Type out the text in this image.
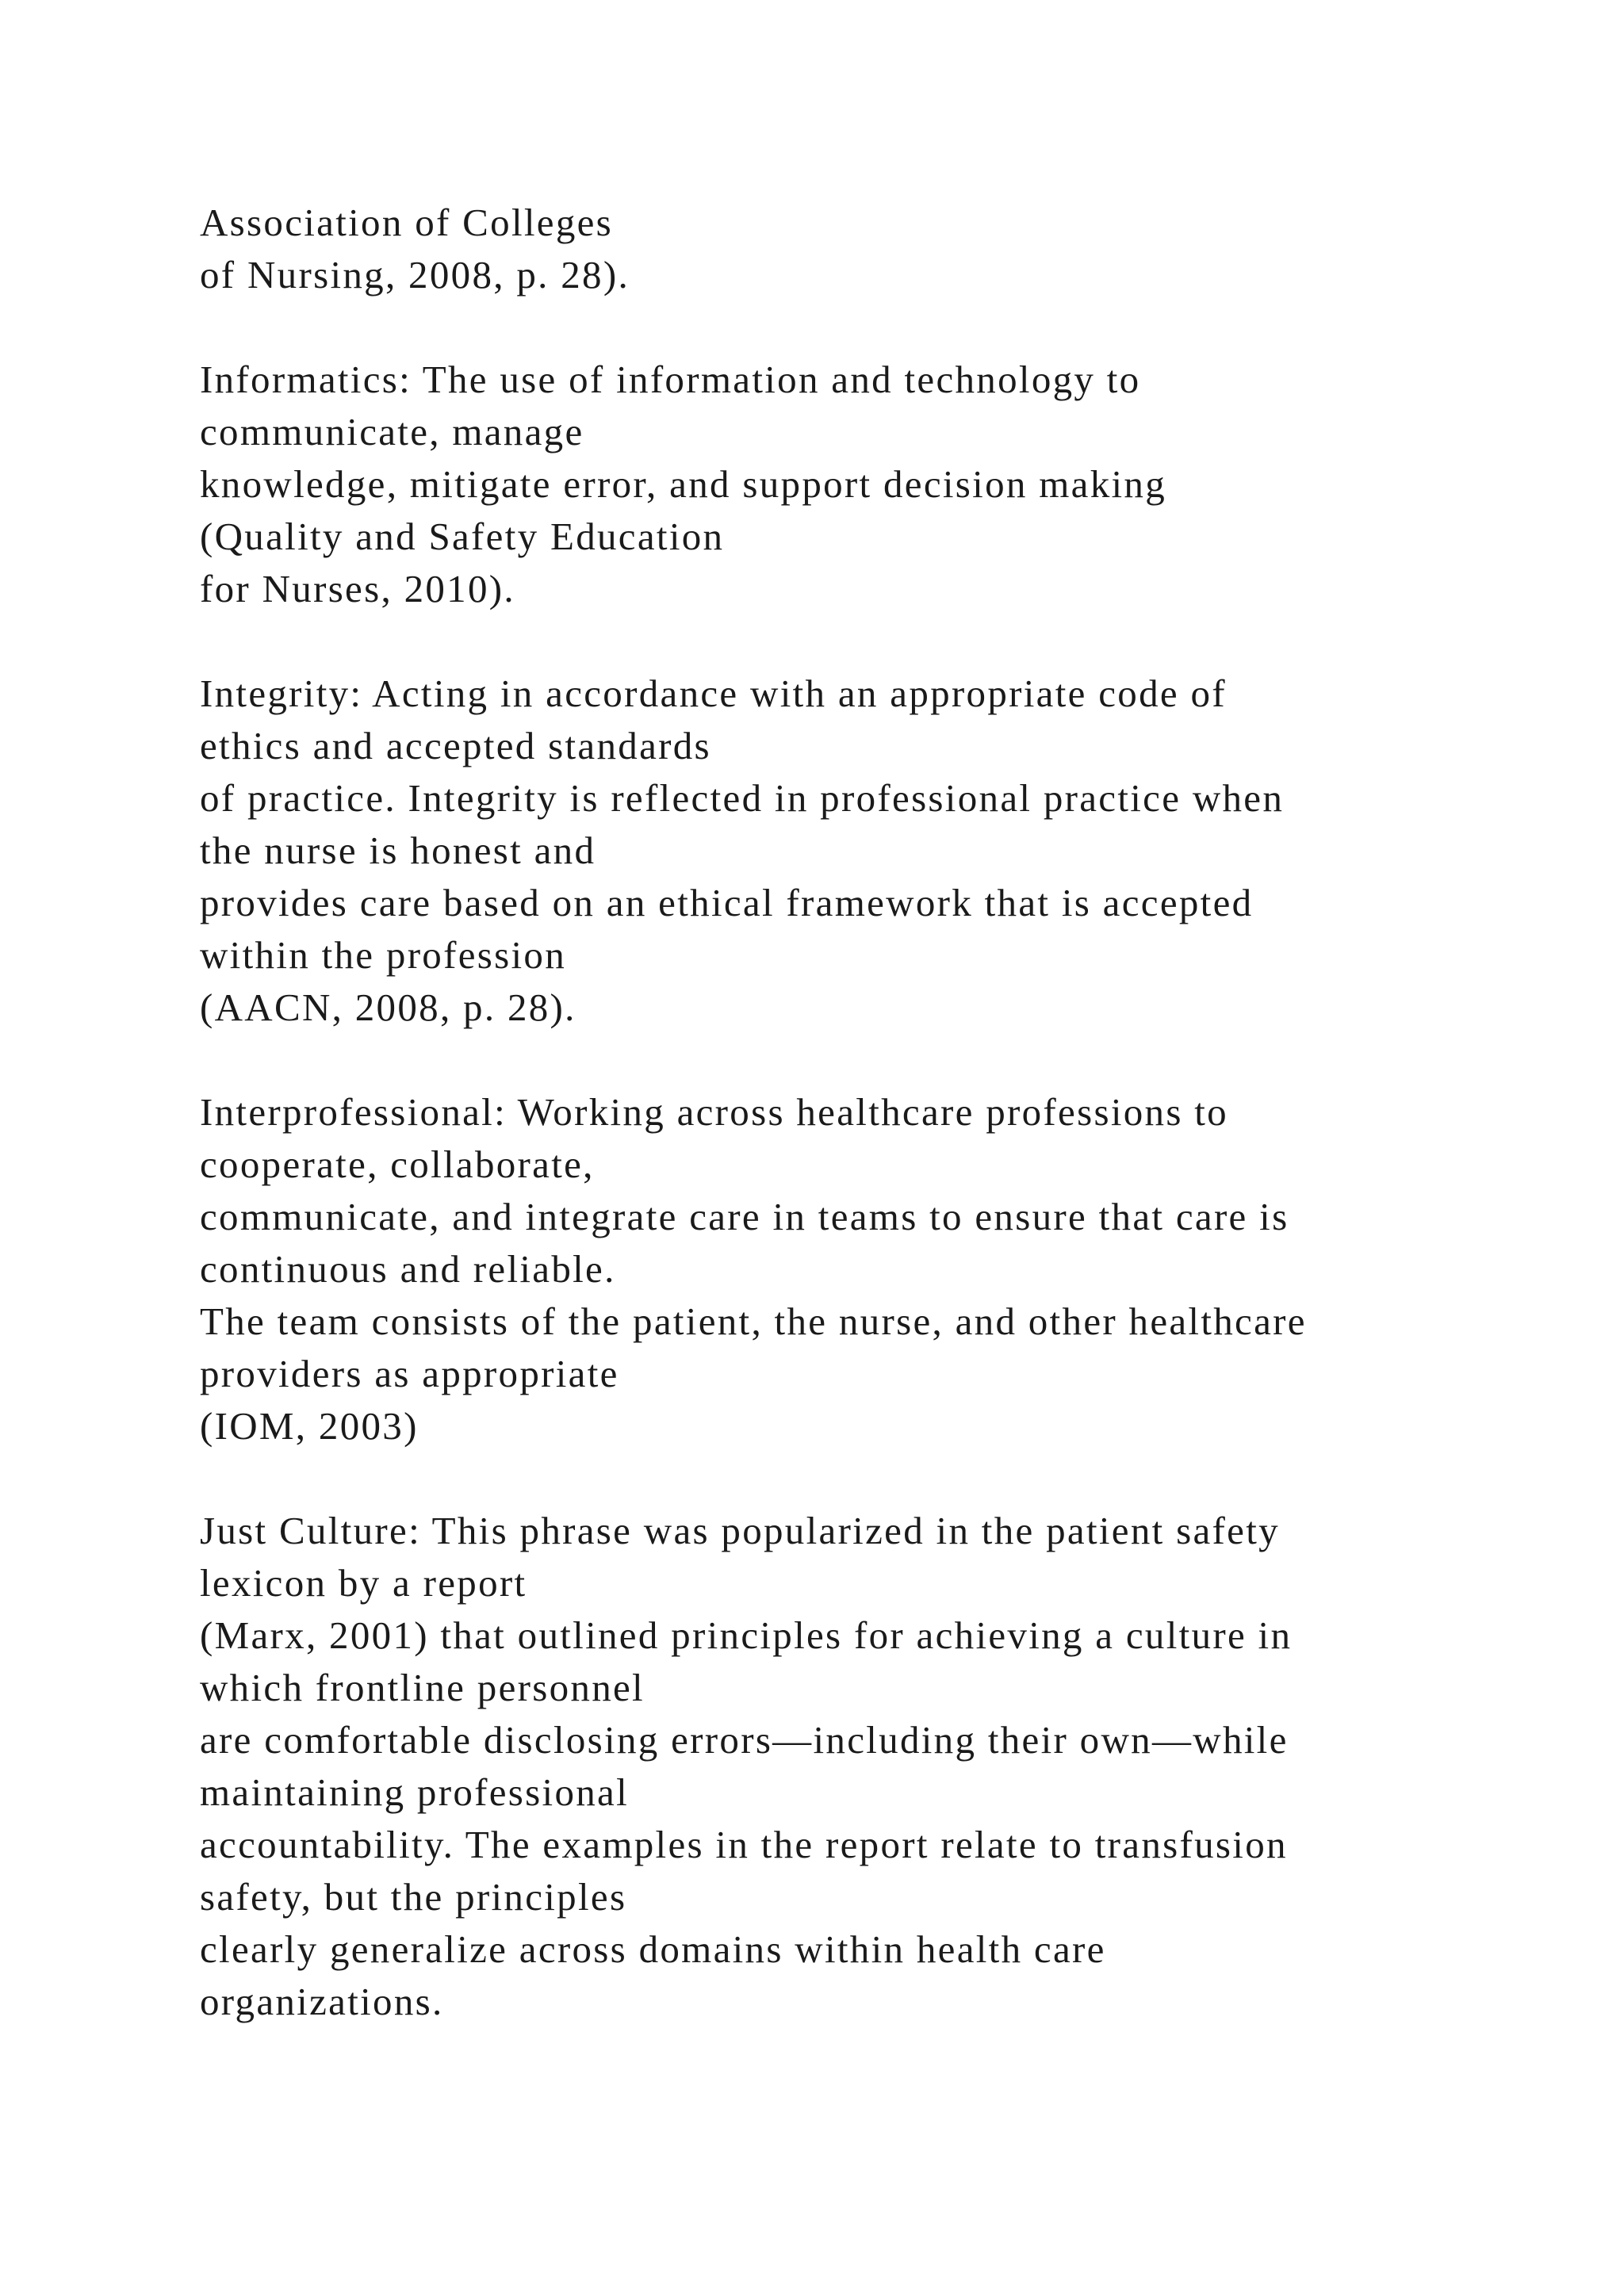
Association of Colleges
of Nursing, 2008, p. 28).
Informatics: The use of information and technology to
communicate, manage
knowledge, mitigate error, and support decision making
(Quality and Safety Education
for Nurses, 2010).
Integrity: Acting in accordance with an appropriate code of
ethics and accepted standards
of practice. Integrity is reflected in professional practice when
the nurse is honest and
provides care based on an ethical framework that is accepted
within the profession
(AACN, 2008, p. 28).
Interprofessional: Working across healthcare professions to
cooperate, collaborate,
communicate, and integrate care in teams to ensure that care is
continuous and reliable.
The team consists of the patient, the nurse, and other healthcare
providers as appropriate
(IOM, 2003)
Just Culture: This phrase was popularized in the patient safety
lexicon by a report
(Marx, 2001) that outlined principles for achieving a culture in
which frontline personnel
are comfortable disclosing errors—including their own—while
maintaining professional
accountability. The examples in the report relate to transfusion
safety, but the principles
clearly generalize across domains within health care
organizations.
